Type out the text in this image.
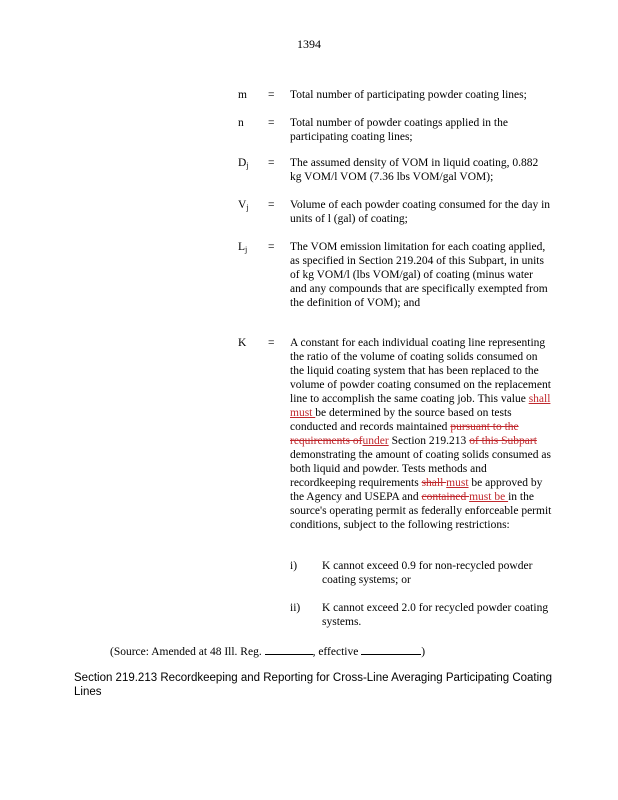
1394
m = Total number of participating powder coating lines;
n = Total number of powder coatings applied in the participating coating lines;
$D_j$ = The assumed density of VOM in liquid coating, 0.882 kg VOM/l VOM (7.36 lbs VOM/gal VOM);
$V_j$ = Volume of each powder coating consumed for the day in units of l (gal) of coating;
$L_j$ = The VOM emission limitation for each coating applied, as specified in Section 219.204 of this Subpart, in units of kg VOM/l (lbs VOM/gal) of coating (minus water and any compounds that are specifically exempted from the definition of VOM); and
K = A constant for each individual coating line representing the ratio of the volume of coating solids consumed on the liquid coating system that has been replaced to the volume of powder coating consumed on the replacement line to accomplish the same coating job. This value shall must be determined by the source based on tests conducted and records maintained pursuant to the requirements ofunder Section 219.213 of this Subpart demonstrating the amount of coating solids consumed as both liquid and powder. Tests methods and recordkeeping requirements shall must be approved by the Agency and USEPA and contained must be in the source's operating permit as federally enforceable permit conditions, subject to the following restrictions:
i) K cannot exceed 0.9 for non-recycled powder coating systems; or
ii) K cannot exceed 2.0 for recycled powder coating systems.
(Source: Amended at 48 Ill. Reg.	, effective	)
Section 219.213 Recordkeeping and Reporting for Cross-Line Averaging Participating Coating Lines
